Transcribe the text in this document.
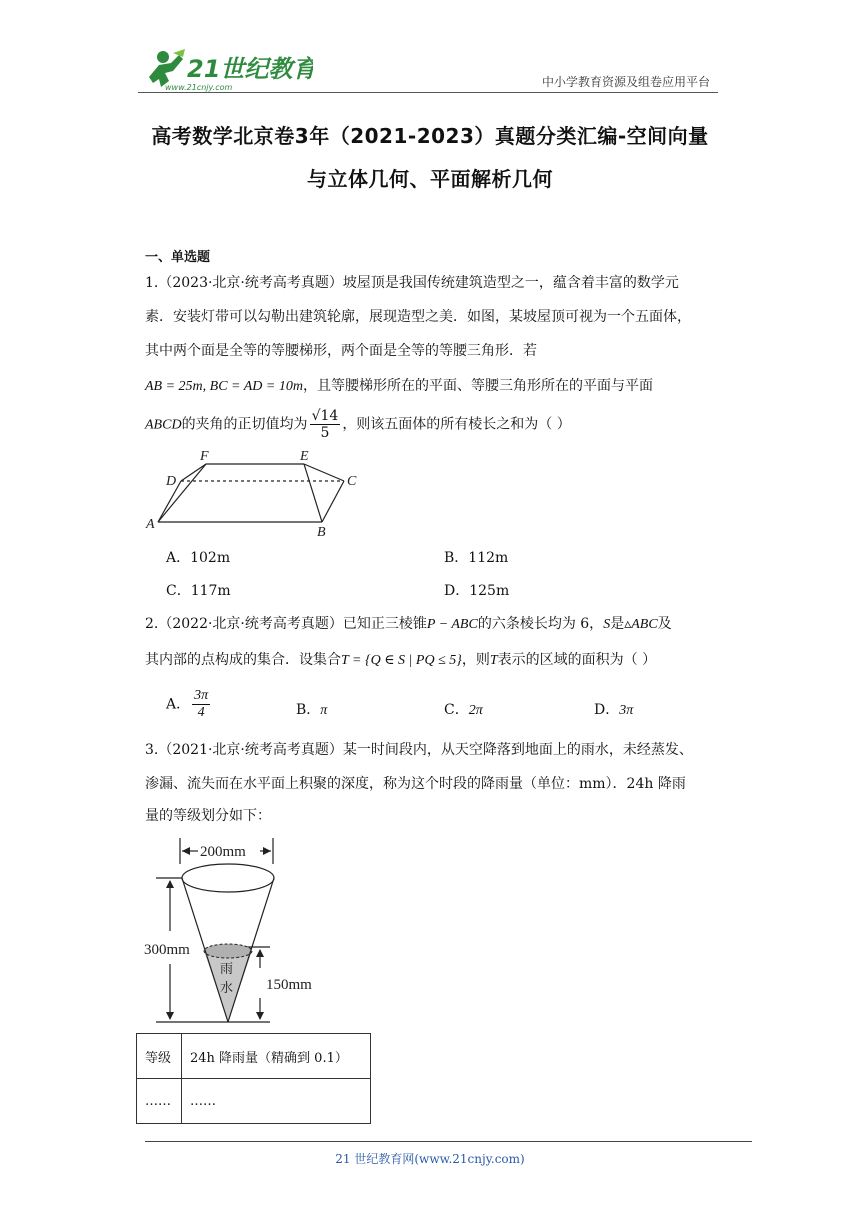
21世纪教育
www.21cnjy.com	中小学教育资源及组卷应用平台
高考数学北京卷3年（2021-2023）真题分类汇编-空间向量
与立体几何、平面解析几何
一、单选题
1.（2023·北京·统考高考真题）坡屋顶是我国传统建筑造型之一，蕴含着丰富的数学元
素．安装灯带可以勾勒出建筑轮廓，展现造型之美．如图，某坡屋顶可视为一个五面体，
其中两个面是全等的等腰梯形，两个面是全等的等腰三角形．若
AB = 25m, BC = AD = 10m，且等腰梯形所在的平面、等腰三角形所在的平面与平面
ABCD的夹角的正切值均为 $\frac{√14}{5}$ ，则该五面体的所有棱长之和为（ ）
F	E
D	C
A
B
A．102m	B．112m
C．117m	D．125m
2.（2022·北京·统考高考真题）已知正三棱锥P − ABC的六条棱长均为 6，S是▵ABC及
其内部的点构成的集合．设集合T = {Q ∈ S | PQ ≤ 5}，则T表示的区域的面积为（ ）
A． $\frac{3\pi}{4}$	B．π	C．2π	D．3π
3.（2021·北京·统考高考真题）某一时间段内，从天空降落到地面上的雨水，未经蒸发、
渗漏、流失而在水平面上积聚的深度，称为这个时段的降雨量（单位：mm）．24h 降雨
量的等级划分如下：
200mm
300mm
150mm
雨
水
等级	24h 降雨量（精确到 0.1）
……	……
21 世纪教育网(www.21cnjy.com)
